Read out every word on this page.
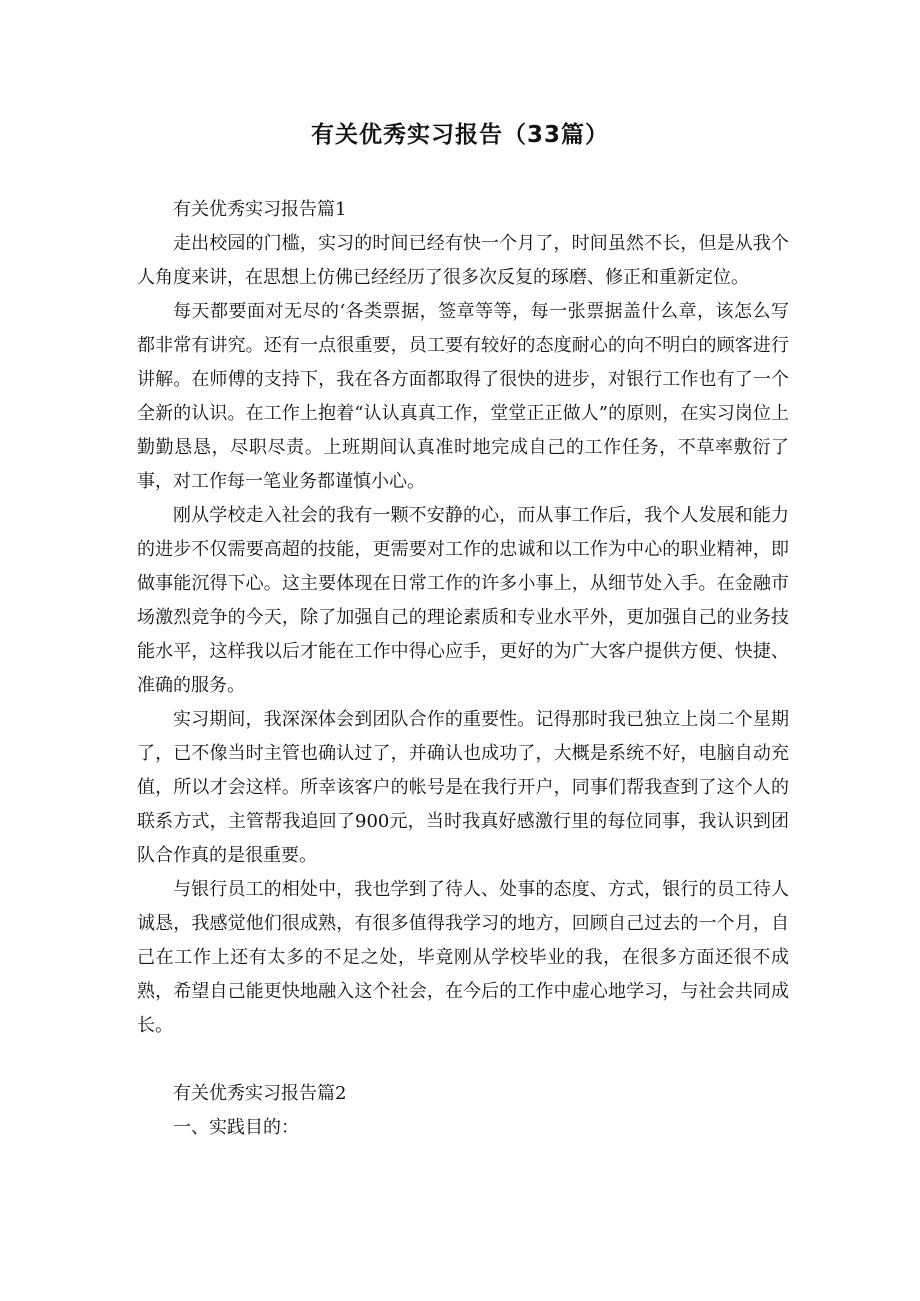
有关优秀实习报告（33篇）
有关优秀实习报告篇1

走出校园的门槛，实习的时间已经有快一个月了，时间虽然不长，但是从我个人角度来讲，在思想上仿佛已经经历了很多次反复的琢磨、修正和重新定位。

每天都要面对无尽的‘各类票据，签章等等，每一张票据盖什么章，该怎么写都非常有讲究。还有一点很重要，员工要有较好的态度耐心的向不明白的顾客进行讲解。在师傅的支持下，我在各方面都取得了很快的进步，对银行工作也有了一个全新的认识。在工作上抱着“认认真真工作，堂堂正正做人”的原则，在实习岗位上勤勤恳恳，尽职尽责。上班期间认真准时地完成自己的工作任务，不草率敷衍了事，对工作每一笔业务都谨慎小心。

刚从学校走入社会的我有一颗不安静的心，而从事工作后，我个人发展和能力的进步不仅需要高超的技能，更需要对工作的忠诚和以工作为中心的职业精神，即做事能沉得下心。这主要体现在日常工作的许多小事上，从细节处入手。在金融市场激烈竞争的今天，除了加强自己的理论素质和专业水平外，更加强自己的业务技能水平，这样我以后才能在工作中得心应手，更好的为广大客户提供方便、快捷、准确的服务。

实习期间，我深深体会到团队合作的重要性。记得那时我已独立上岗二个星期了，已不像当时主管也确认过了，并确认也成功了，大概是系统不好，电脑自动充值，所以才会这样。所幸该客户的帐号是在我行开户，同事们帮我查到了这个人的联系方式，主管帮我追回了900元，当时我真好感激行里的每位同事，我认识到团队合作真的是很重要。

与银行员工的相处中，我也学到了待人、处事的态度、方式，银行的员工待人诚恳，我感觉他们很成熟，有很多值得我学习的地方，回顾自己过去的一个月，自己在工作上还有太多的不足之处，毕竟刚从学校毕业的我，在很多方面还很不成熟，希望自己能更快地融入这个社会，在今后的工作中虚心地学习，与社会共同成长。

有关优秀实习报告篇2

一、实践目的：
